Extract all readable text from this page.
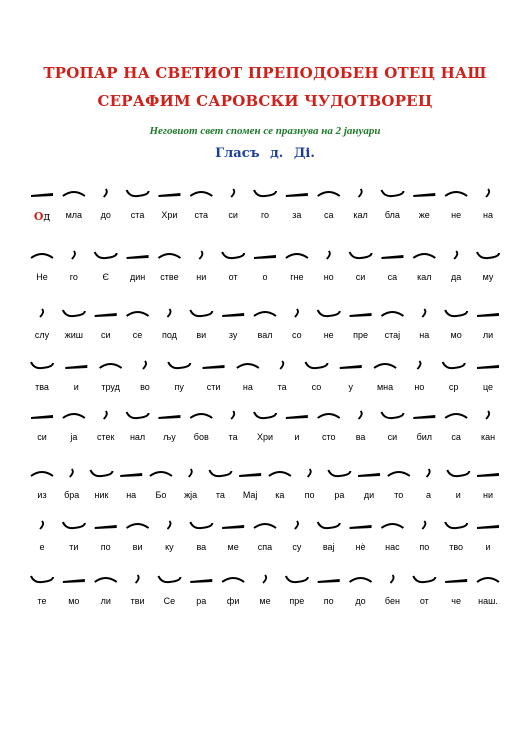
ТРОПАР НА СВЕТИОТ ПРЕПОДОБЕН ОТЕЦ НАШ
СЕРАФИМ САРОВСКИ ЧУДОТВОРЕЦ
Неговиот свет спомен се празнува на 2 јануари
Гласъ д. Ді.
Од мла до ста Хри ста си	го	за	са кал бла же не на
Не го	Є дин стве ни от	о	гне но си са кал да му
слу жиш си се под ви	зу вал со не пре стај на мо ли
тва	и	труд во	пу	сти на	та	со	у	мна но	ср	це
си	ја стек нал љу бов та Хри и	сто ва си бил са кан
из бра ник на Бо жја та Мај ка по ра ди то	а	и ни
е	ти по ви	ку	ва ме спа су вај нè нас по тво и
те мо ли тви Се ра фи ме пре по до бен от	че наш.
